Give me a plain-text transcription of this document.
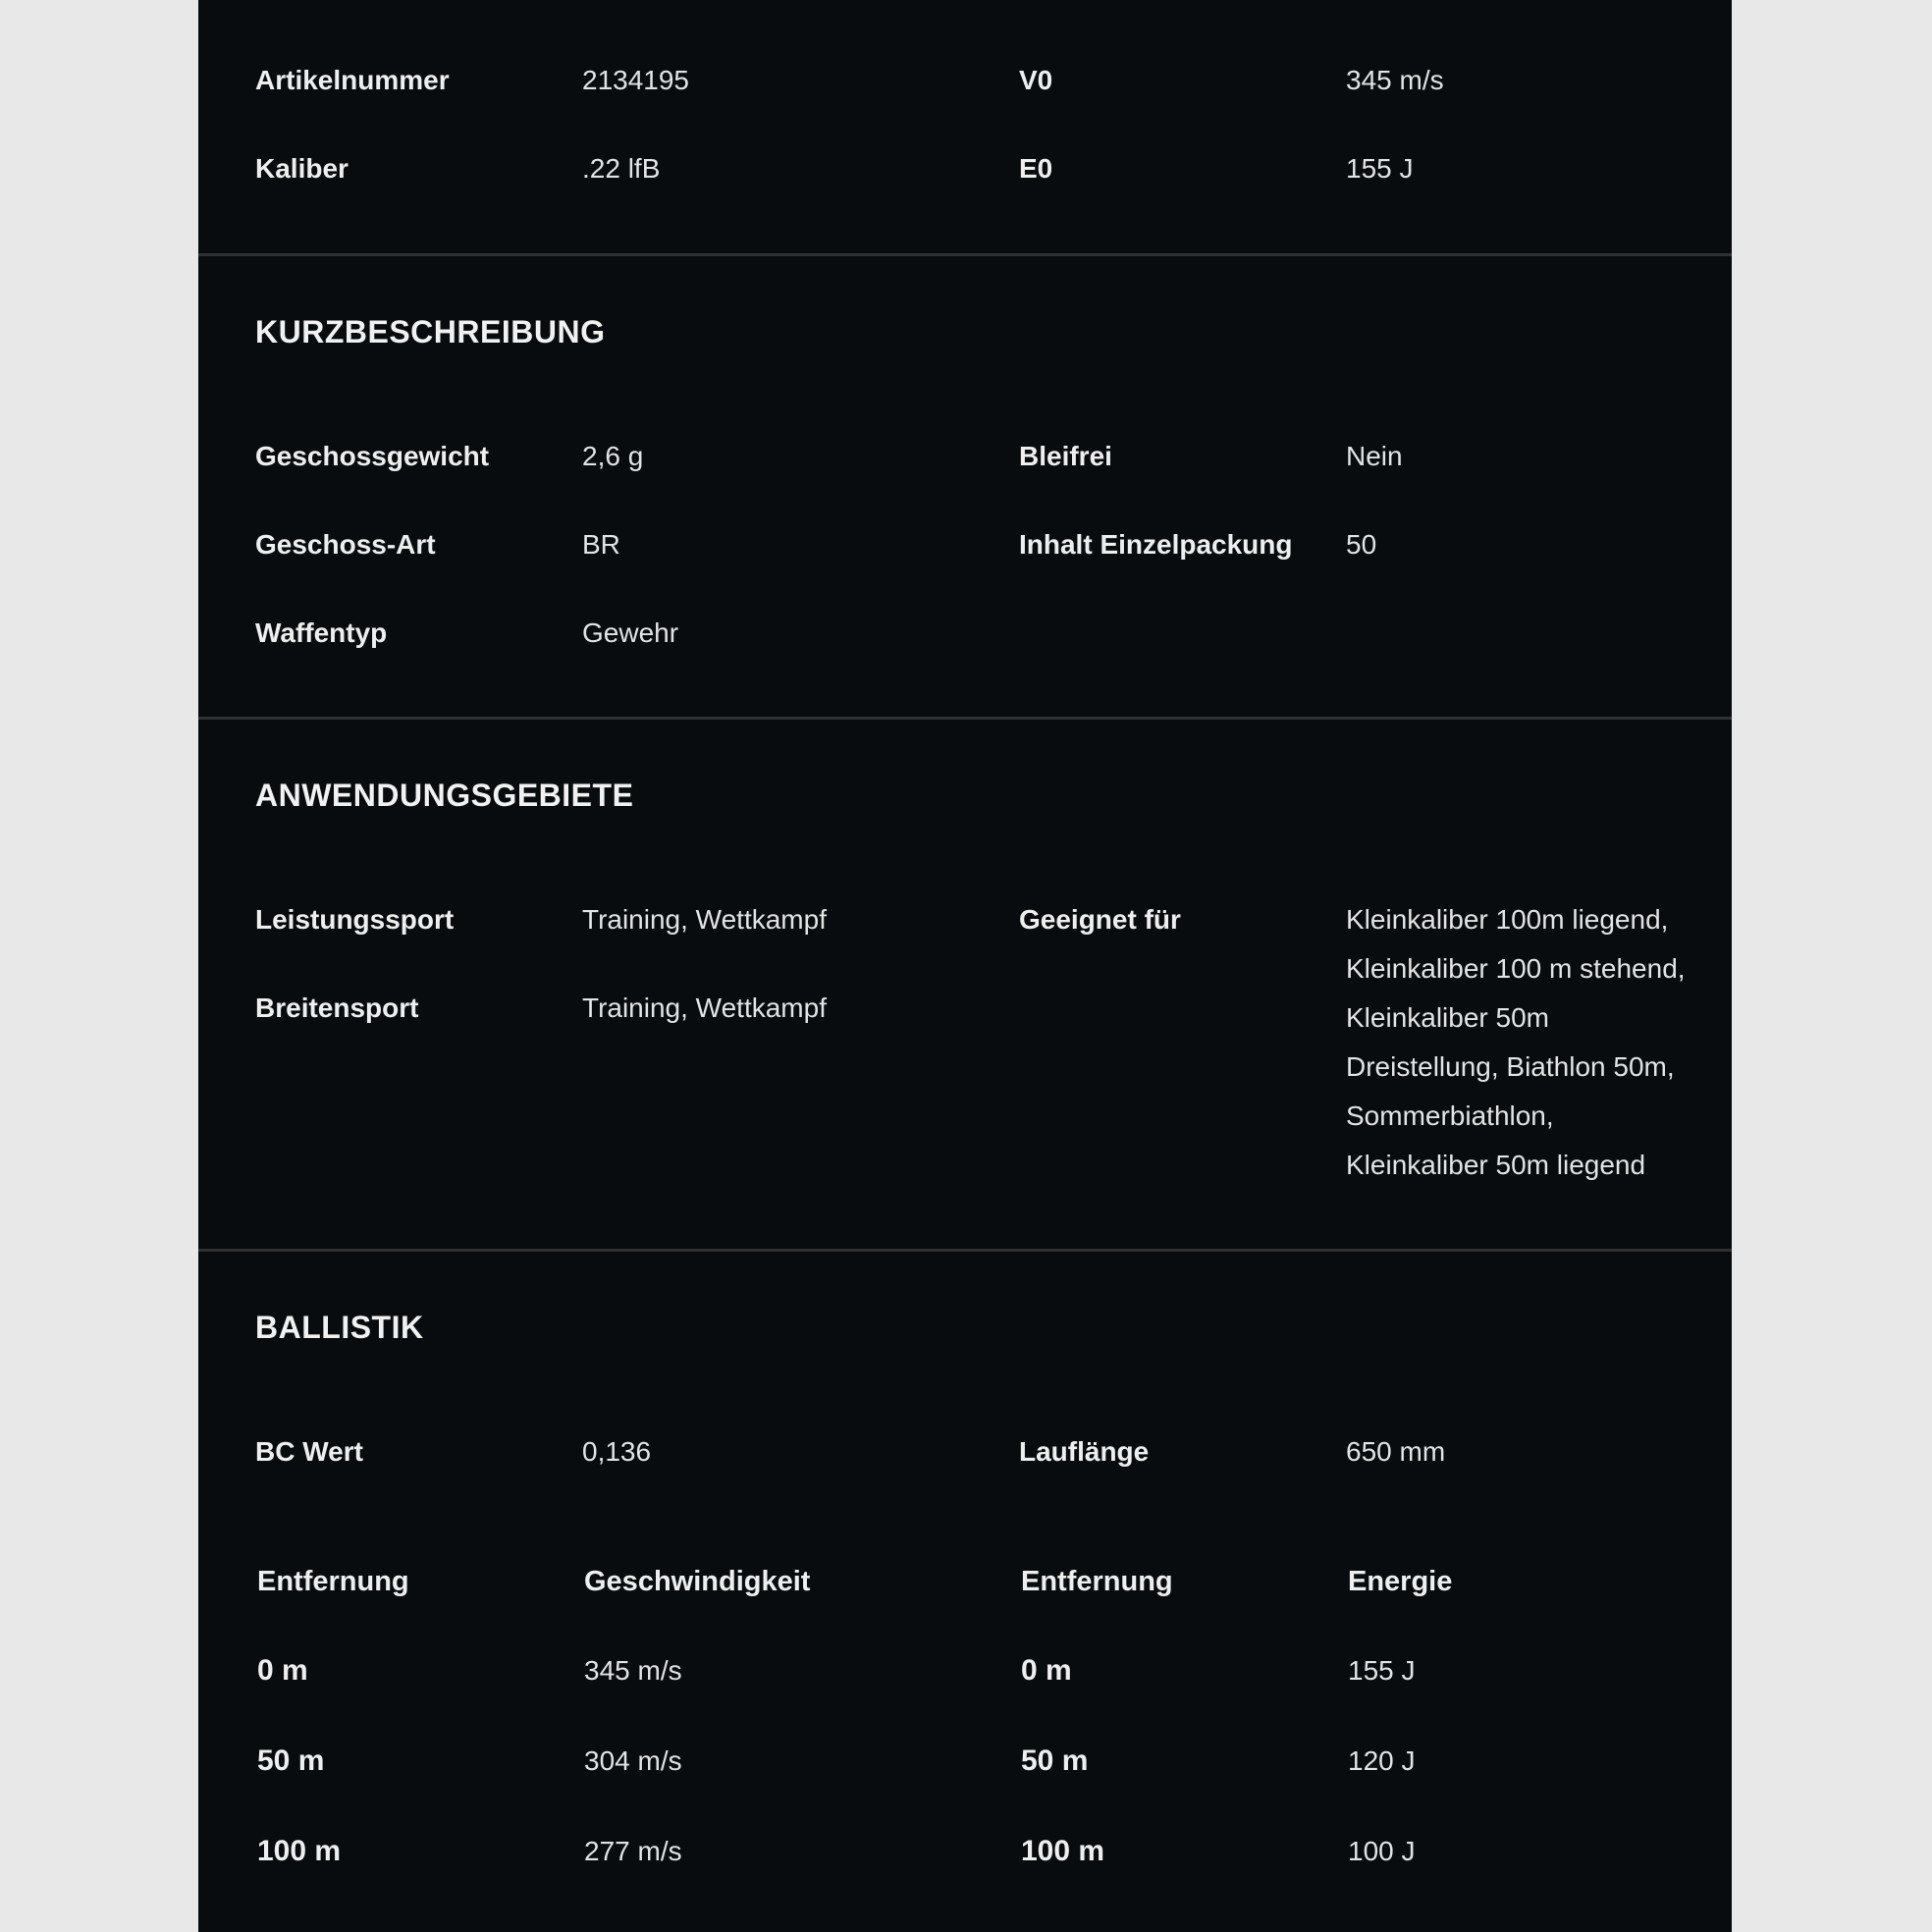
Artikelnummer	2134195	V0	345 m/s
Kaliber	.22 lfB	E0	155 J
KURZBESCHREIBUNG
Geschossgewicht	2,6 g	Bleifrei	Nein
Geschoss-Art	BR	Inhalt Einzelpackung 50
Waffentyp	Gewehr
ANWENDUNGSGEBIETE
Leistungssport	Training, Wettkampf
Breitensport	Training, Wettkampf
Geeignet für	Kleinkaliber 100m liegend, Kleinkaliber 100 m stehend, Kleinkaliber 50m Dreistellung, Biathlon 50m, Sommerbiathlon, Kleinkaliber 50m liegend
BALLISTIK
BC Wert	0,136	Lauflänge	650 mm
Entfernung	Geschwindigkeit	Entfernung	Energie
0 m	345 m/s	0 m	155 J
50 m	304 m/s	50 m	120 J
100 m	277 m/s	100 m	100 J
